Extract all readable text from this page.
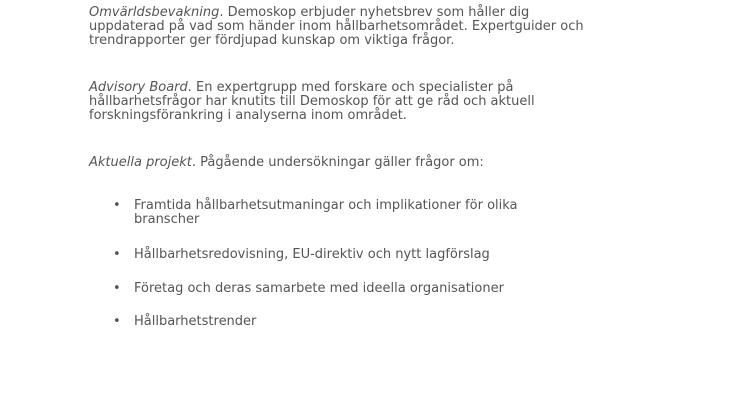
Omvärldsbevakning. Demoskop erbjuder nyhetsbrev som håller dig uppdaterad på vad som händer inom hållbarhetsområdet. Expertguider och trendrapporter ger fördjupad kunskap om viktiga frågor.

Advisory Board. En expertgrupp med forskare och specialister på hållbarhetsfrågor har knutits till Demoskop för att ge råd och aktuell forskningsförankring i analyserna inom området.

Aktuella projekt. Pågående undersökningar gäller frågor om:

• Framtida hållbarhetsutmaningar och implikationer för olika branscher
• Hållbarhetsredovisning, EU-direktiv och nytt lagförslag
• Företag och deras samarbete med ideella organisationer
• Hållbarhetstrender
